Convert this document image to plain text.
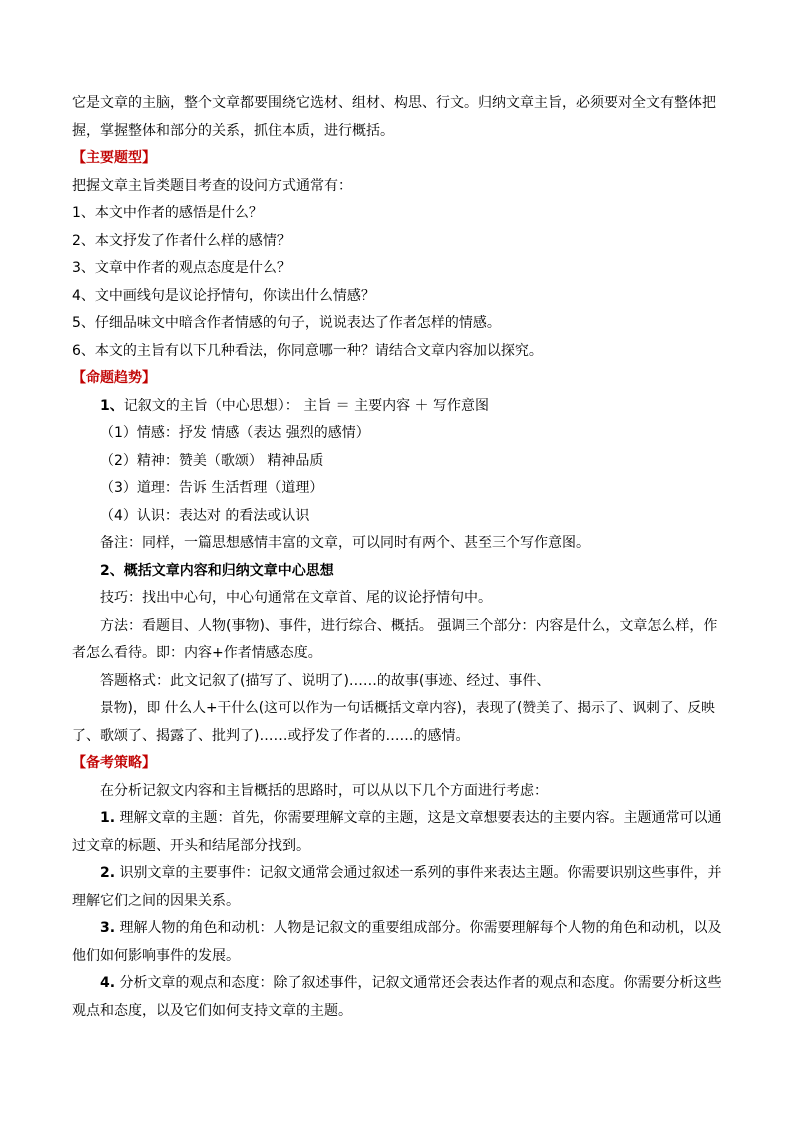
它是文章的主脑，整个文章都要围绕它选材、组材、构思、行文。归纳文章主旨，必须要对全文有整体把

握，掌握整体和部分的关系，抓住本质，进行概括。

【主要题型】

把握文章主旨类题目考查的设问方式通常有：

1、本文中作者的感悟是什么？

2、本文抒发了作者什么样的感情？

3、文章中作者的观点态度是什么？

4、文中画线句是议论抒情句，你读出什么情感？

5、仔细品味文中暗含作者情感的句子，说说表达了作者怎样的情感。

6、本文的主旨有以下几种看法，你同意哪一种？请结合文章内容加以探究。

【命题趋势】

1、记叙文的主旨（中心思想）： 主旨 ＝ 主要内容 ＋ 写作意图

（1）情感：抒发 情感（表达 强烈的感情）

（2）精神：赞美（歌颂） 精神品质

（3）道理：告诉 生活哲理（道理）

（4）认识：表达对 的看法或认识

备注：同样，一篇思想感情丰富的文章，可以同时有两个、甚至三个写作意图。

2、概括文章内容和归纳文章中心思想

技巧：找出中心句，中心句通常在文章首、尾的议论抒情句中。

方法：看题目、人物(事物)、事件，进行综合、概括。 强调三个部分：内容是什么，文章怎么样，作

者怎么看待。即：内容+作者情感态度。

答题格式：此文记叙了(描写了、说明了)……的故事(事迹、经过、事件、

景物)，即 什么人+干什么(这可以作为一句话概括文章内容)，表现了(赞美了、揭示了、讽刺了、反映

了、歌颂了、揭露了、批判了)……或抒发了作者的……的感情。

【备考策略】

在分析记叙文内容和主旨概括的思路时，可以从以下几个方面进行考虑：

1. 理解文章的主题：首先，你需要理解文章的主题，这是文章想要表达的主要内容。主题通常可以通

过文章的标题、开头和结尾部分找到。

2. 识别文章的主要事件：记叙文通常会通过叙述一系列的事件来表达主题。你需要识别这些事件，并

理解它们之间的因果关系。

3. 理解人物的角色和动机：人物是记叙文的重要组成部分。你需要理解每个人物的角色和动机，以及

他们如何影响事件的发展。

4. 分析文章的观点和态度：除了叙述事件，记叙文通常还会表达作者的观点和态度。你需要分析这些

观点和态度，以及它们如何支持文章的主题。
